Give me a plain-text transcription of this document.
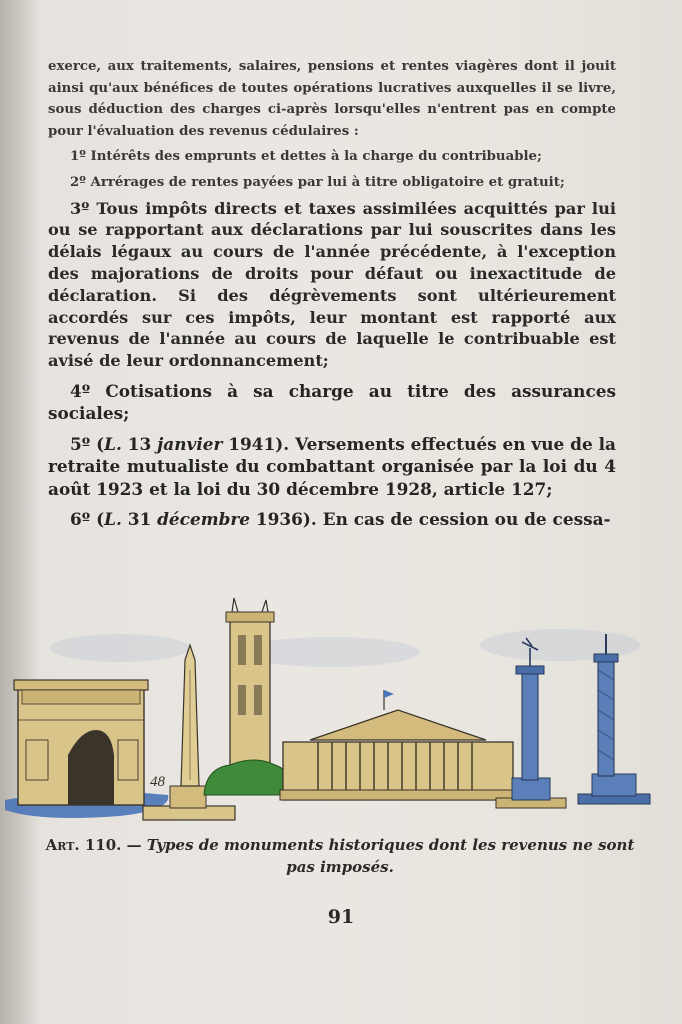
exerce, aux traitements, salaires, pensions et rentes viagères dont il jouit ainsi qu'aux bénéfices de toutes opérations lucratives auxquelles il se livre, sous déduction des charges ci-après lorsqu'elles n'entrent pas en compte pour l'évaluation des revenus cédulaires :

1º Intérêts des emprunts et dettes à la charge du contribuable;

2º Arrérages de rentes payées par lui à titre obligatoire et gratuit;

3º Tous impôts directs et taxes assimilées acquittés par lui ou se rapportant aux déclarations par lui souscrites dans les délais légaux au cours de l'année précédente, à l'exception des majorations de droits pour défaut ou inexactitude de déclaration. Si des dégrèvements sont ultérieurement accordés sur ces impôts, leur montant est rapporté aux revenus de l'année au cours de laquelle le contribuable est avisé de leur ordonnancement;

4º Cotisations à sa charge au titre des assurances sociales;

5º (L. 13 janvier 1941). Versements effectués en vue de la retraite mutualiste du combattant organisée par la loi du 4 août 1923 et la loi du 30 décembre 1928, article 127;

6º (L. 31 décembre 1936). En cas de cession ou de cessa-

48
Art. 110. — Types de monuments historiques dont les revenus ne sont pas imposés.
91
